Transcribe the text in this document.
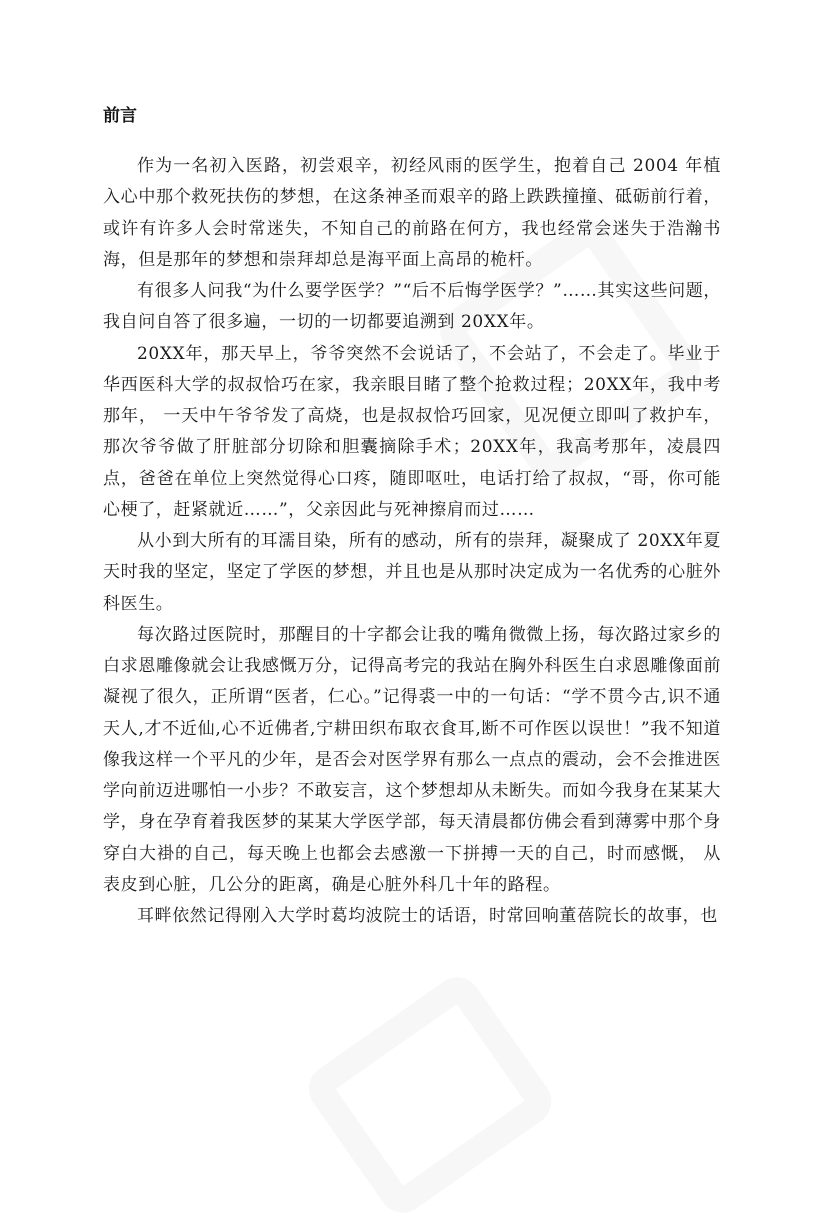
前言

作为一名初入医路，初尝艰辛，初经风雨的医学生，抱着自己 2004 年植入心中那个救死扶伤的梦想，在这条神圣而艰辛的路上跌跌撞撞、砥砺前行着，或许有许多人会时常迷失，不知自己的前路在何方，我也经常会迷失于浩瀚书海，但是那年的梦想和崇拜却总是海平面上高昂的桅杆。

有很多人问我“为什么要学医学？”“后不后悔学医学？”……其实这些问题，我自问自答了很多遍，一切的一切都要追溯到 20XX年。

20XX年，那天早上，爷爷突然不会说话了，不会站了，不会走了。毕业于华西医科大学的叔叔恰巧在家，我亲眼目睹了整个抢救过程；20XX年，我中考那年， 一天中午爷爷发了高烧，也是叔叔恰巧回家，见况便立即叫了救护车，那次爷爷做了肝脏部分切除和胆囊摘除手术；20XX年，我高考那年，凌晨四点，爸爸在单位上突然觉得心口疼，随即呕吐，电话打给了叔叔，“哥，你可能心梗了，赶紧就近……”，父亲因此与死神擦肩而过……

从小到大所有的耳濡目染，所有的感动，所有的崇拜，凝聚成了 20XX年夏天时我的坚定，坚定了学医的梦想，并且也是从那时决定成为一名优秀的心脏外科医生。

每次路过医院时，那醒目的十字都会让我的嘴角微微上扬，每次路过家乡的白求恩雕像就会让我感慨万分，记得高考完的我站在胸外科医生白求恩雕像面前凝视了很久，正所谓“医者，仁心。”记得裘一中的一句话：“学不贯今古,识不通天人,才不近仙,心不近佛者,宁耕田织布取衣食耳,断不可作医以误世！”我不知道像我这样一个平凡的少年，是否会对医学界有那么一点点的震动，会不会推进医学向前迈进哪怕一小步？不敢妄言，这个梦想却从未断失。而如今我身在某某大学，身在孕育着我医梦的某某大学医学部，每天清晨都仿佛会看到薄雾中那个身穿白大褂的自己，每天晚上也都会去感激一下拼搏一天的自己，时而感慨， 从表皮到心脏，几公分的距离，确是心脏外科几十年的路程。

耳畔依然记得刚入大学时葛均波院士的话语，时常回响董蓓院长的故事，也
